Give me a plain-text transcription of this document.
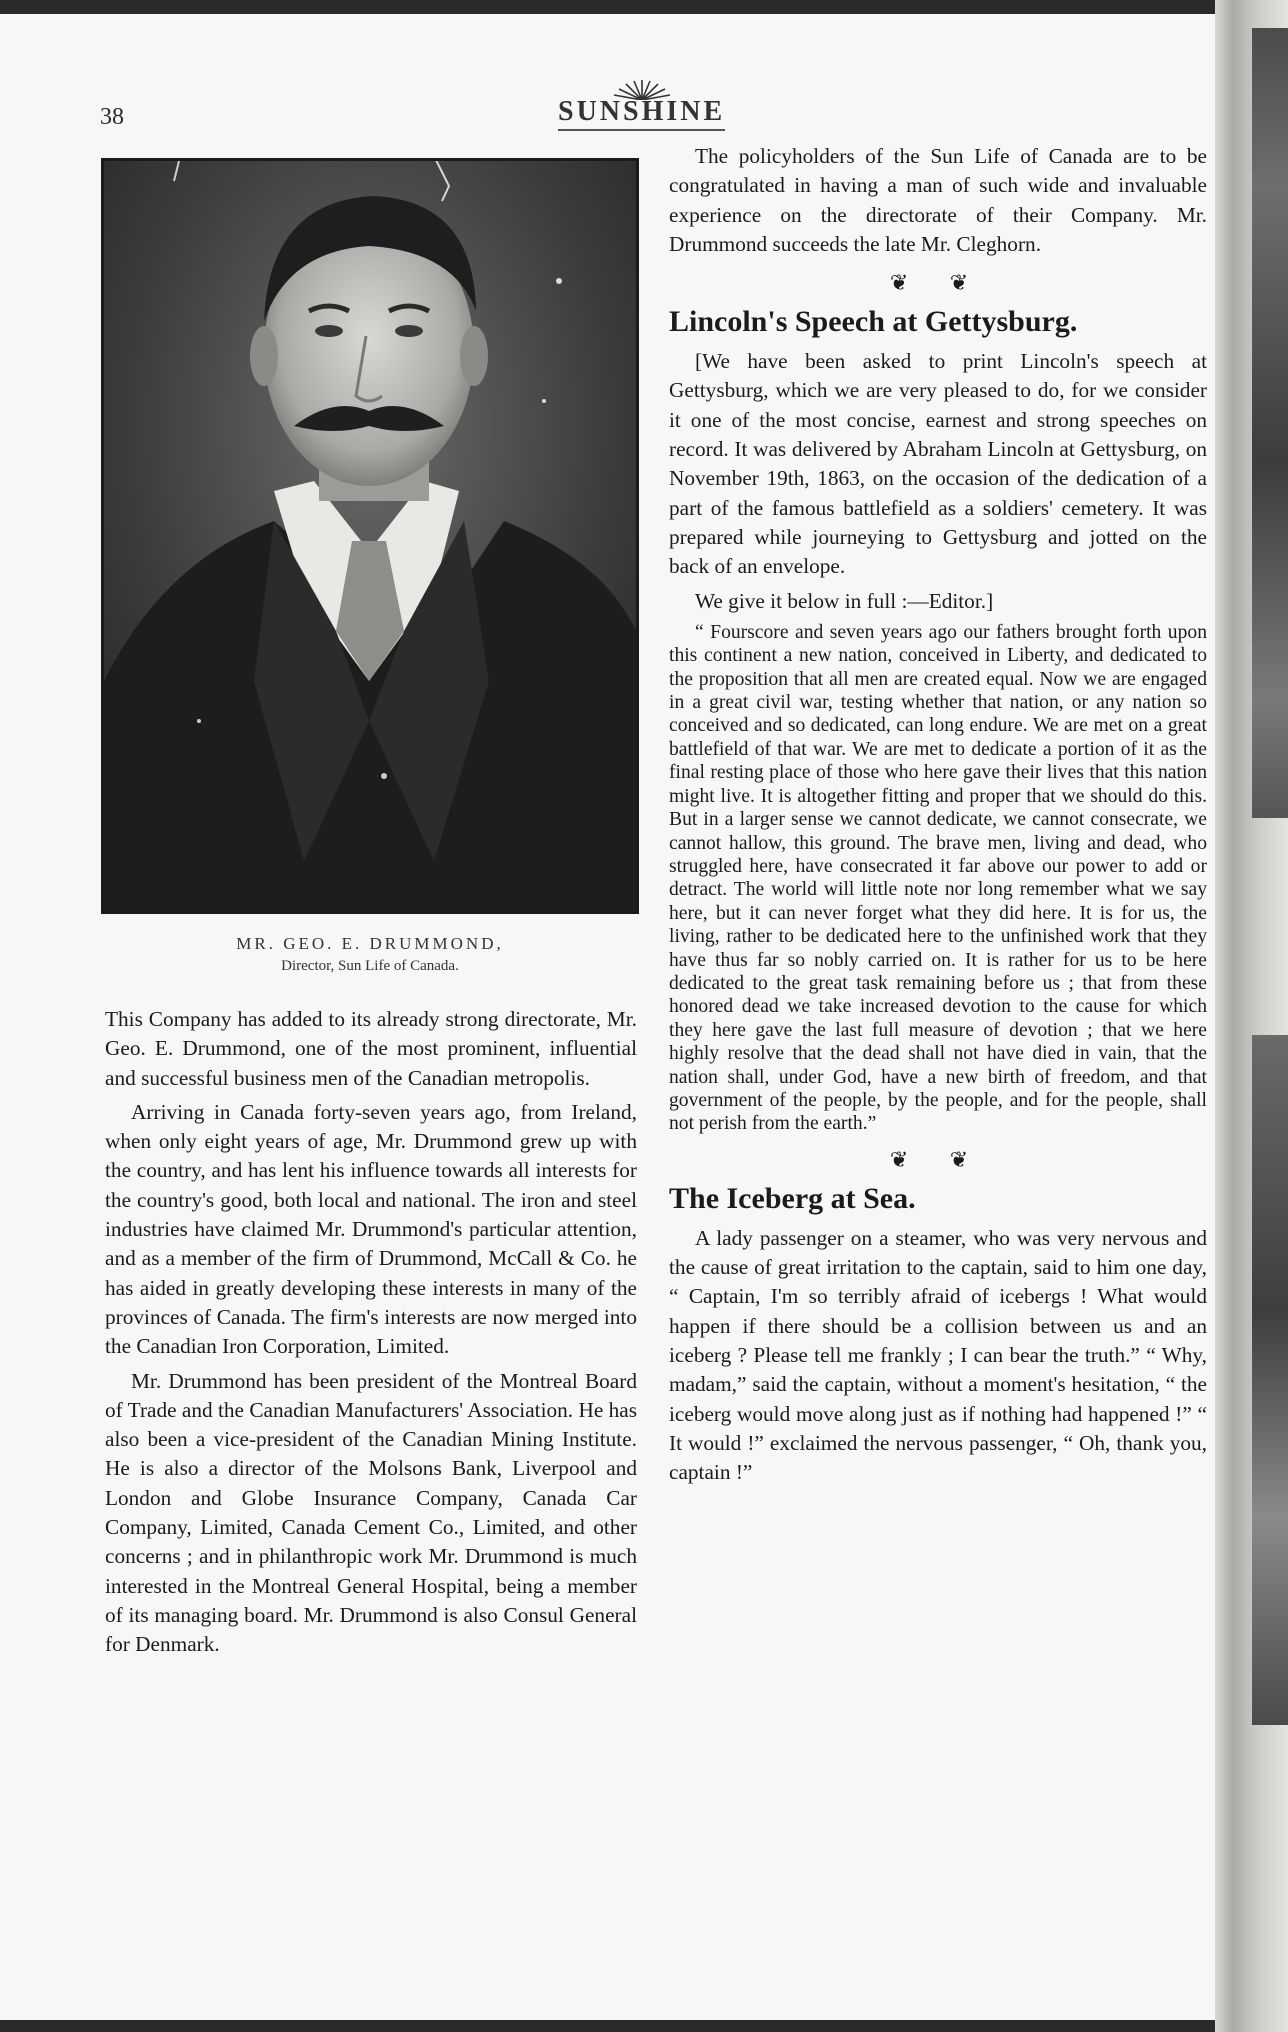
38	SUNSHINE
MR. GEO. E. DRUMMOND,
Director, Sun Life of Canada.

This Company has added to its already strong directorate, Mr. Geo. E. Drummond, one of the most prominent, influential and successful business men of the Canadian metropolis.

Arriving in Canada forty-seven years ago, from Ireland, when only eight years of age, Mr. Drummond grew up with the country, and has lent his influence towards all interests for the country's good, both local and national. The iron and steel industries have claimed Mr. Drummond's particular attention, and as a member of the firm of Drummond, McCall & Co. he has aided in greatly developing these interests in many of the provinces of Canada. The firm's interests are now merged into the Canadian Iron Corporation, Limited.

Mr. Drummond has been president of the Montreal Board of Trade and the Canadian Manufacturers' Association. He has also been a vice-president of the Canadian Mining Institute. He is also a director of the Molsons Bank, Liverpool and London and Globe Insurance Company, Canada Car Company, Limited, Canada Cement Co., Limited, and other concerns ; and in philanthropic work Mr. Drummond is much interested in the Montreal General Hospital, being a member of its managing board. Mr. Drummond is also Consul General for Denmark.

The policyholders of the Sun Life of Canada are to be congratulated in having a man of such wide and invaluable experience on the directorate of their Company. Mr. Drummond succeeds the late Mr. Cleghorn.

❦ ❦
Lincoln's Speech at Gettysburg.

[We have been asked to print Lincoln's speech at Gettysburg, which we are very pleased to do, for we consider it one of the most concise, earnest and strong speeches on record. It was delivered by Abraham Lincoln at Gettysburg, on November 19th, 1863, on the occasion of the dedication of a part of the famous battlefield as a soldiers' cemetery. It was prepared while journeying to Gettysburg and jotted on the back of an envelope.

We give it below in full :—Editor.]

“ Fourscore and seven years ago our fathers brought forth upon this continent a new nation, conceived in Liberty, and dedicated to the proposition that all men are created equal. Now we are engaged in a great civil war, testing whether that nation, or any nation so conceived and so dedicated, can long endure. We are met on a great battlefield of that war. We are met to dedicate a portion of it as the final resting place of those who here gave their lives that this nation might live. It is altogether fitting and proper that we should do this. But in a larger sense we cannot dedicate, we cannot consecrate, we cannot hallow, this ground. The brave men, living and dead, who struggled here, have consecrated it far above our power to add or detract. The world will little note nor long remember what we say here, but it can never forget what they did here. It is for us, the living, rather to be dedicated here to the unfinished work that they have thus far so nobly carried on. It is rather for us to be here dedicated to the great task remaining before us ; that from these honored dead we take increased devotion to the cause for which they here gave the last full measure of devotion ; that we here highly resolve that the dead shall not have died in vain, that the nation shall, under God, have a new birth of freedom, and that government of the people, by the people, and for the people, shall not perish from the earth.”

❦ ❦
The Iceberg at Sea.

A lady passenger on a steamer, who was very nervous and the cause of great irritation to the captain, said to him one day, “ Captain, I'm so terribly afraid of icebergs ! What would happen if there should be a collision between us and an iceberg ? Please tell me frankly ; I can bear the truth.” “ Why, madam,” said the captain, without a moment's hesitation, “ the iceberg would move along just as if nothing had happened !” “ It would !” exclaimed the nervous passenger, “ Oh, thank you, captain !”
